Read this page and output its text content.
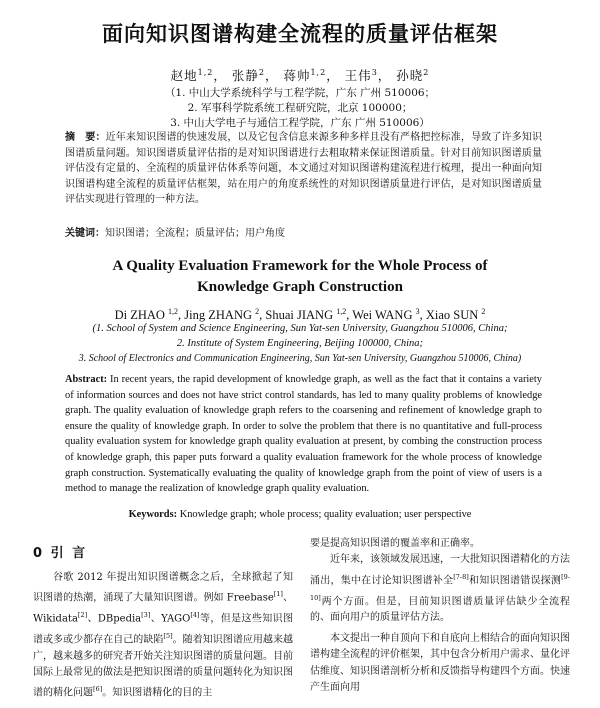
面向知识图谱构建全流程的质量评估框架
赵地$^{1,2}$， 张静$^2$， 蒋帅$^{1,2}$， 王伟$^3$， 孙晓$^2$
（1. 中山大学系统科学与工程学院，广东 广州 510006；
2. 军事科学院系统工程研究院，北京 100000；
3. 中山大学电子与通信工程学院，广东 广州 510006）
摘　要：近年来知识图谱的快速发展，以及它包含信息来源多种多样且没有严格把控标准，导致了许多知识图谱质量问题。知识图谱质量评估指的是对知识图谱进行去粗取精来保证图谱质量。针对目前知识图谱质量评估没有定量的、全流程的质量评估体系等问题，本文通过对知识图谱构建流程进行梳理，提出一种面向知识图谱构建全流程的质量评估框架，站在用户的角度系统性的对知识图谱质量进行评估，是对知识图谱质量评估实现进行管理的一种方法。
关键词：知识图谱；全流程；质量评估；用户角度
A Quality Evaluation Framework for the Whole Process of
Knowledge Graph Construction
Di ZHAO $^{1,2}$, Jing ZHANG $^2$, Shuai JIANG $^{1,2}$, Wei WANG $^3$, Xiao SUN $^2$
(1. School of System and Science Engineering, Sun Yat-sen University, Guangzhou 510006, China;
2. Institute of System Engineering, Beijing 100000, China;
3. School of Electronics and Communication Engineering, Sun Yat-sen University, Guangzhou 510006, China)
Abstract: In recent years, the rapid development of knowledge graph, as well as the fact that it contains a variety of information sources and does not have strict control standards, has led to many quality problems of knowledge graph. The quality evaluation of knowledge graph refers to the coarsening and refinement of knowledge graph to ensure the quality of knowledge graph. In order to solve the problem that there is no quantitative and full-process quality evaluation system for knowledge graph quality evaluation at present, by combing the construction process of knowledge graph, this paper puts forward a quality evaluation framework for the whole process of knowledge graph construction. Systematically evaluating the quality of knowledge graph from the point of view of users is a method to manage the realization of knowledge graph quality evaluation.
Keywords: Knowledge graph; whole process; quality evaluation; user perspective
0 引 言
谷歌 2012 年提出知识图谱概念之后，全球掀起了知识图谱的热潮，涌现了大量知识图谱。例如 Freebase[1]、Wikidata[2]、DBpedia[3]、YAGO[4]等，但是这些知识图谱或多或少都存在自己的缺陷[5]。随着知识图谱应用越来越广，越来越多的研究者开始关注知识图谱的质量问题。目前国际上最常见的做法是把知识图谱的质量问题转化为知识图谱的精化问题[6]。知识图谱精化的目的主
要是提高知识图谱的覆盖率和正确率。
近年来，该领域发展迅速，一大批知识图谱精化的方法涌出，集中在讨论知识图谱补全[7-8]和知识图谱错误探测[9-10]两个方面。但是，目前知识图谱质量评估缺少全流程的、面向用户的质量评估方法。
本文提出一种自顶向下和自底向上相结合的面向知识图谱构建全流程的评价框架，其中包含分析用户需求、量化评估维度、知识图谱剖析分析和反馈指导构建四个方面。快速产生面向用
